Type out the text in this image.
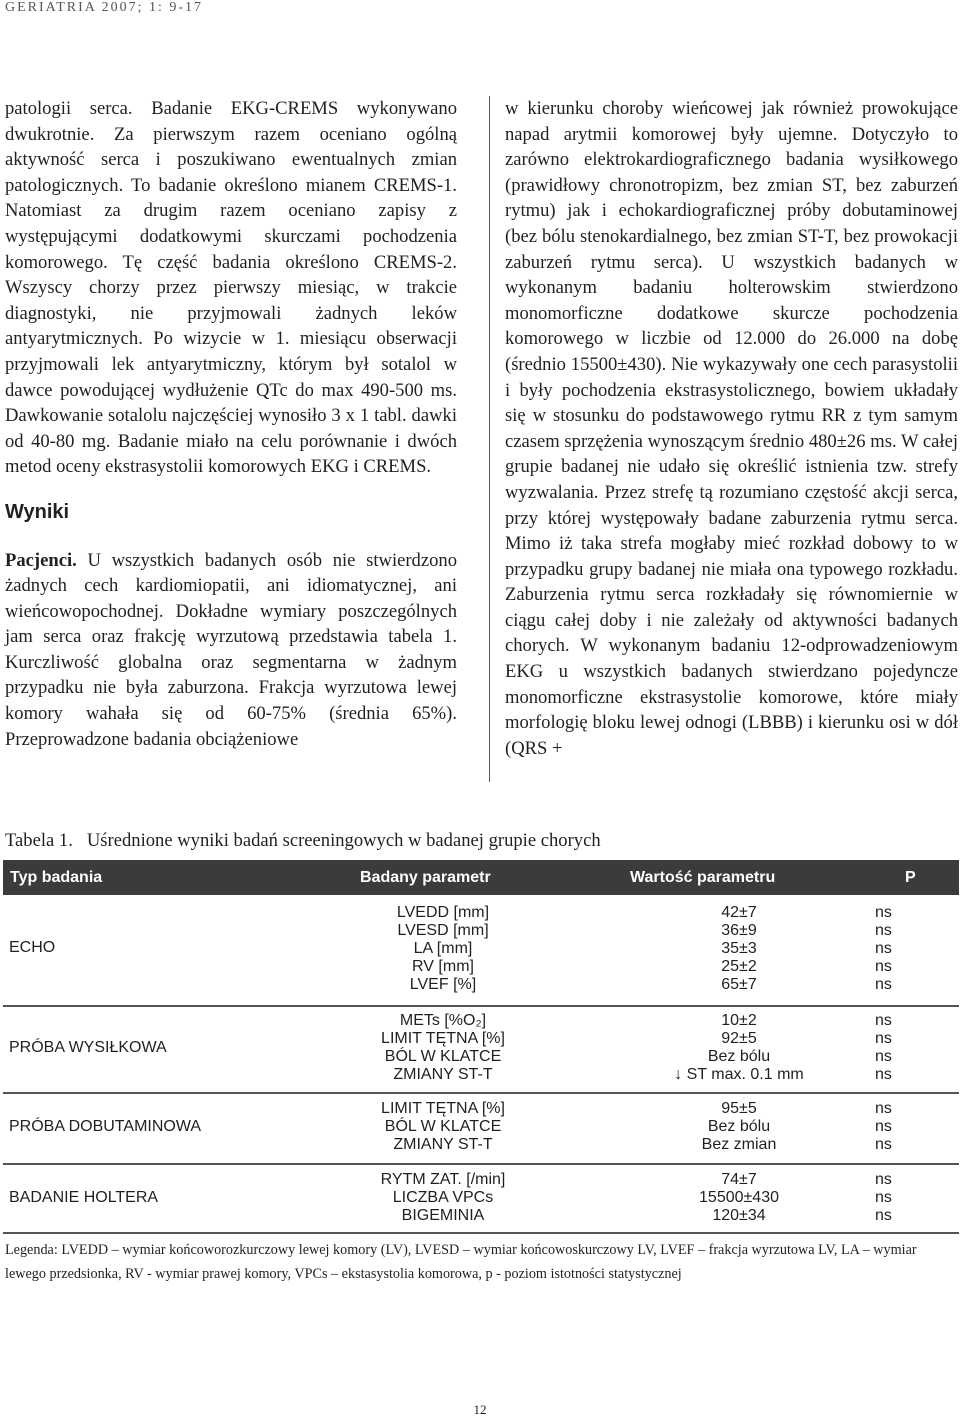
GERIATRIA 2007; 1: 9-17

patologii serca. Badanie EKG-CREMS wykonywano dwukrotnie. Za pierwszym razem oceniano ogólną aktywność serca i poszukiwano ewentualnych zmian patologicznych. To badanie określono mianem CREMS-1. Natomiast za drugim razem oceniano zapisy z występującymi dodatkowymi skurczami pochodzenia komorowego. Tę część badania określono CREMS-2. Wszyscy chorzy przez pierwszy miesiąc, w trakcie diagnostyki, nie przyjmowali żadnych leków antyarytmicznych. Po wizycie w 1. miesiącu obserwacji przyjmowali lek antyarytmiczny, którym był sotalol w dawce powodującej wydłużenie QTc do max 490-500 ms. Dawkowanie sotalolu najczęściej wynosiło 3 x 1 tabl. dawki od 40-80 mg. Badanie miało na celu porównanie i dwóch metod oceny ekstrasystolii komorowych EKG i CREMS.

Wyniki

Pacjenci. U wszystkich badanych osób nie stwierdzono żadnych cech kardiomiopatii, ani idiomatycznej, ani wieńcowopochodnej. Dokładne wymiary poszczególnych jam serca oraz frakcję wyrzutową przedstawia tabela 1. Kurczliwość globalna oraz segmentarna w żadnym przypadku nie była zaburzona. Frakcja wyrzutowa lewej komory wahała się od 60-75% (średnia 65%). Przeprowadzone badania obciążeniowe

w kierunku choroby wieńcowej jak również prowokujące napad arytmii komorowej były ujemne. Dotyczyło to zarówno elektrokardiograficznego badania wysiłkowego (prawidłowy chronotropizm, bez zmian ST, bez zaburzeń rytmu) jak i echokardiograficznej próby dobutaminowej (bez bólu stenokardialnego, bez zmian ST-T, bez prowokacji zaburzeń rytmu serca). U wszystkich badanych w wykonanym badaniu holterowskim stwierdzono monomorficzne dodatkowe skurcze pochodzenia komorowego w liczbie od 12.000 do 26.000 na dobę (średnio 15500±430). Nie wykazywały one cech parasystolii i były pochodzenia ekstrasystolicznego, bowiem układały się w stosunku do podstawowego rytmu RR z tym samym czasem sprzężenia wynoszącym średnio 480±26 ms. W całej grupie badanej nie udało się określić istnienia tzw. strefy wyzwalania. Przez strefę tą rozumiano częstość akcji serca, przy której występowały badane zaburzenia rytmu serca. Mimo iż taka strefa mogłaby mieć rozkład dobowy to w przypadku grupy badanej nie miała ona typowego rozkładu. Zaburzenia rytmu serca rozkładały się równomiernie w ciągu całej doby i nie zależały od aktywności badanych chorych. W wykonanym badaniu 12-odprowadzeniowym EKG u wszystkich badanych stwierdzano pojedyncze monomorficzne ekstrasystolie komorowe, które miały morfologię bloku lewej odnogi (LBBB) i kierunku osi w dół (QRS +

Tabela 1. Uśrednione wyniki badań screeningowych w badanej grupie chorych
Typ badania	Badany parametr	Wartość parametru	P
ECHO
LVEDD [mm]	42±7	ns
LVESD [mm]	36±9	ns
LA [mm]	35±3	ns
RV [mm]	25±2	ns
LVEF [%]	65±7	ns
PRÓBA WYSIŁKOWA
METs [%O₂]	10±2	ns
LIMIT TĘTNA [%]	92±5	ns
BÓL W KLATCE	Bez bólu	ns
ZMIANY ST-T	↓ ST max. 0.1 mm	ns
PRÓBA DOBUTAMINOWA
LIMIT TĘTNA [%]	95±5	ns
BÓL W KLATCE	Bez bólu	ns
ZMIANY ST-T	Bez zmian	ns
BADANIE HOLTERA
RYTM ZAT. [/min]	74±7	ns
LICZBA VPCs	15500±430	ns
BIGEMINIA	120±34	ns
Legenda: LVEDD – wymiar końcoworozkurczowy lewej komory (LV), LVESD – wymiar końcowoskurczowy LV, LVEF – frakcja wyrzutowa LV, LA – wymiar lewego przedsionka, RV - wymiar prawej komory, VPCs – ekstasystolia komorowa, p - poziom istotności statystycznej
12
